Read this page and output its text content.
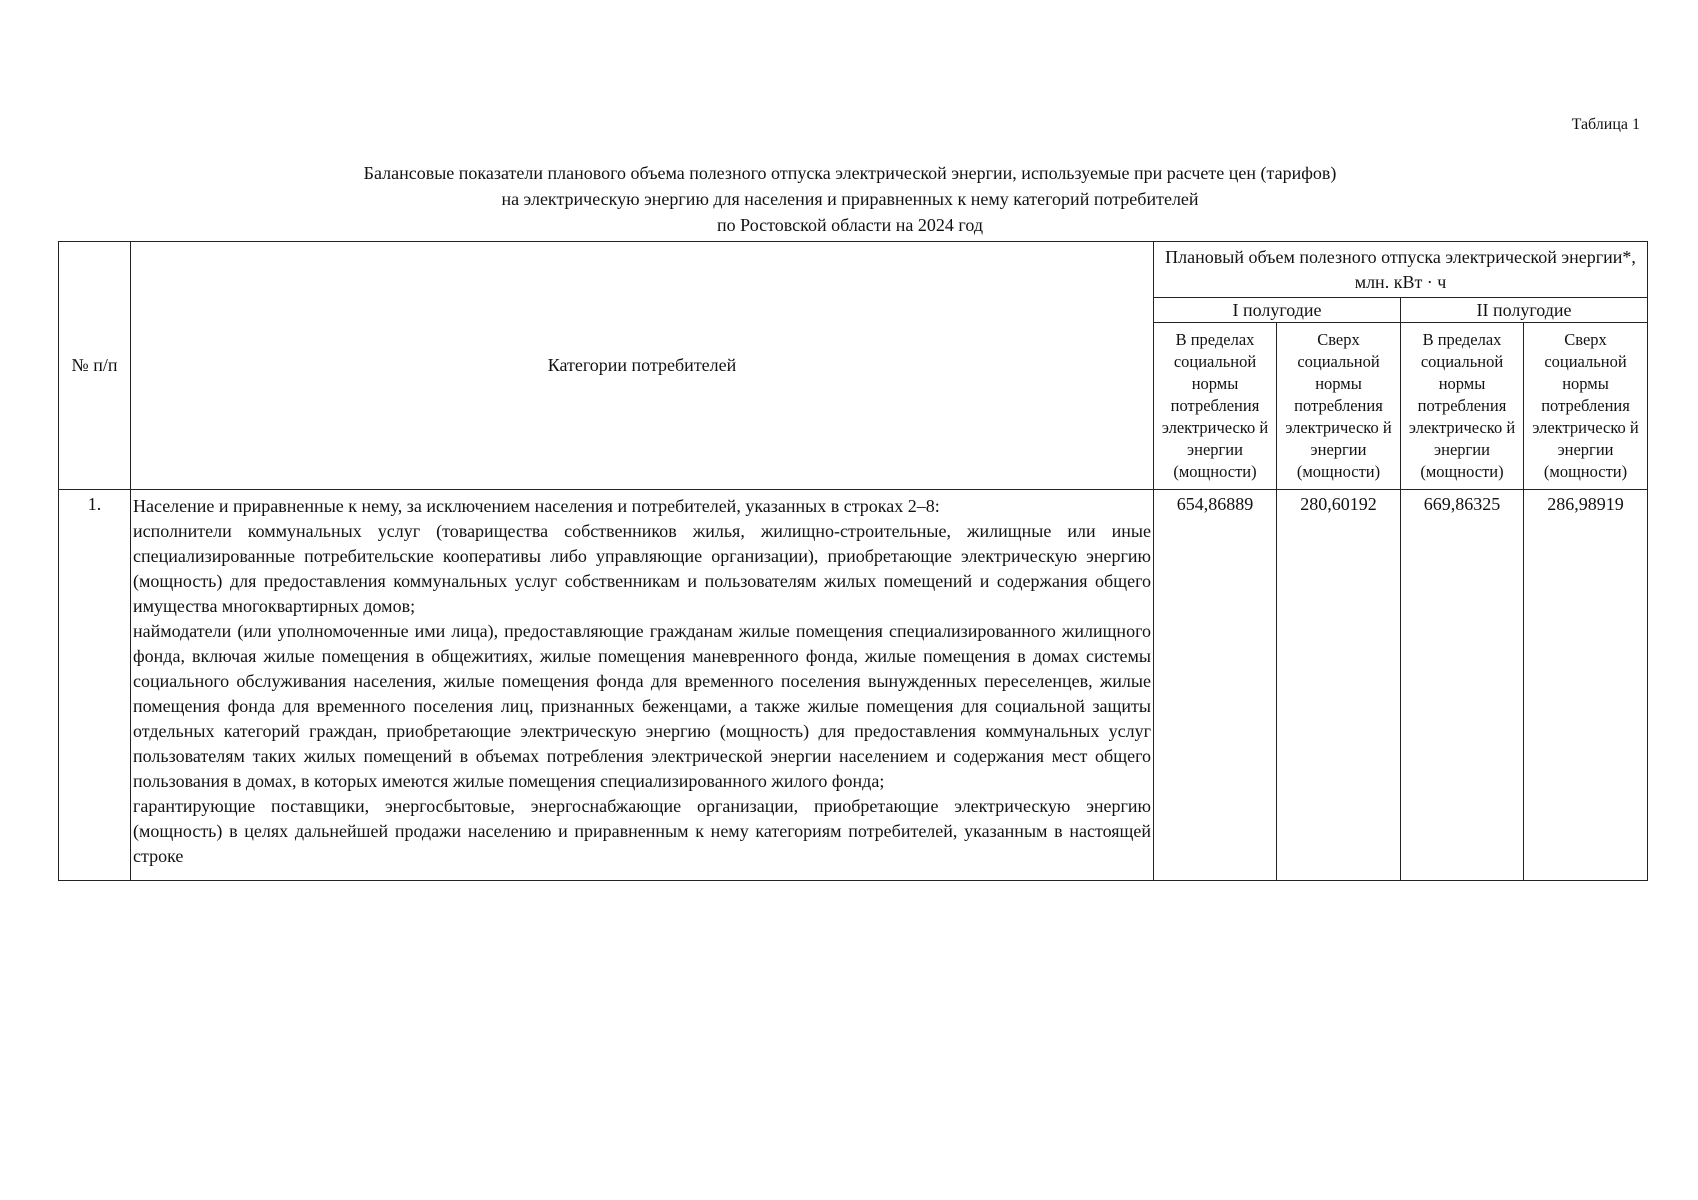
Таблица 1
Балансовые показатели планового объема полезного отпуска электрической энергии, используемые при расчете цен (тарифов)
на электрическую энергию для населения и приравненных к нему категорий потребителей
по Ростовской области на 2024 год
№ п/п	Категории потребителей	Плановый объем полезного отпуска электрической энергии*, млн. кВт · ч			
		I полугодие		II полугодие	
		В пределах социальной нормы потребления электрическо й энергии (мощности)	Сверх социальной нормы потребления электрическо й энергии (мощности)	В пределах социальной нормы потребления электрическо й энергии (мощности)	Сверх социальной нормы потребления электрическо й энергии (мощности)
1.	Население и приравненные к нему, за исключением населения и потребителей, указанных в строках 2–8:

исполнители коммунальных услуг (товарищества собственников жилья, жилищно-строительные, жилищные или иные специализированные потребительские кооперативы либо управляющие организации), приобретающие электрическую энергию (мощность) для предоставления коммунальных услуг собственникам и пользователям жилых помещений и содержания общего имущества многоквартирных домов;

наймодатели (или уполномоченные ими лица), предоставляющие гражданам жилые помещения специализированного жилищного фонда, включая жилые помещения в общежитиях, жилые помещения маневренного фонда, жилые помещения в домах системы социального обслуживания населения, жилые помещения фонда для временного поселения вынужденных переселенцев, жилые помещения фонда для временного поселения лиц, признанных беженцами, а также жилые помещения для социальной защиты отдельных категорий граждан, приобретающие электрическую энергию (мощность) для предоставления коммунальных услуг пользователям таких жилых помещений в объемах потребления электрической энергии населением и содержания мест общего пользования в домах, в которых имеются жилые помещения специализированного жилого фонда;

гарантирующие поставщики, энергосбытовые, энергоснабжающие организации, приобретающие электрическую энергию (мощность) в целях дальнейшей продажи населению и приравненным к нему категориям потребителей, указанным в настоящей строке	654,86889	280,60192	669,86325	286,98919
